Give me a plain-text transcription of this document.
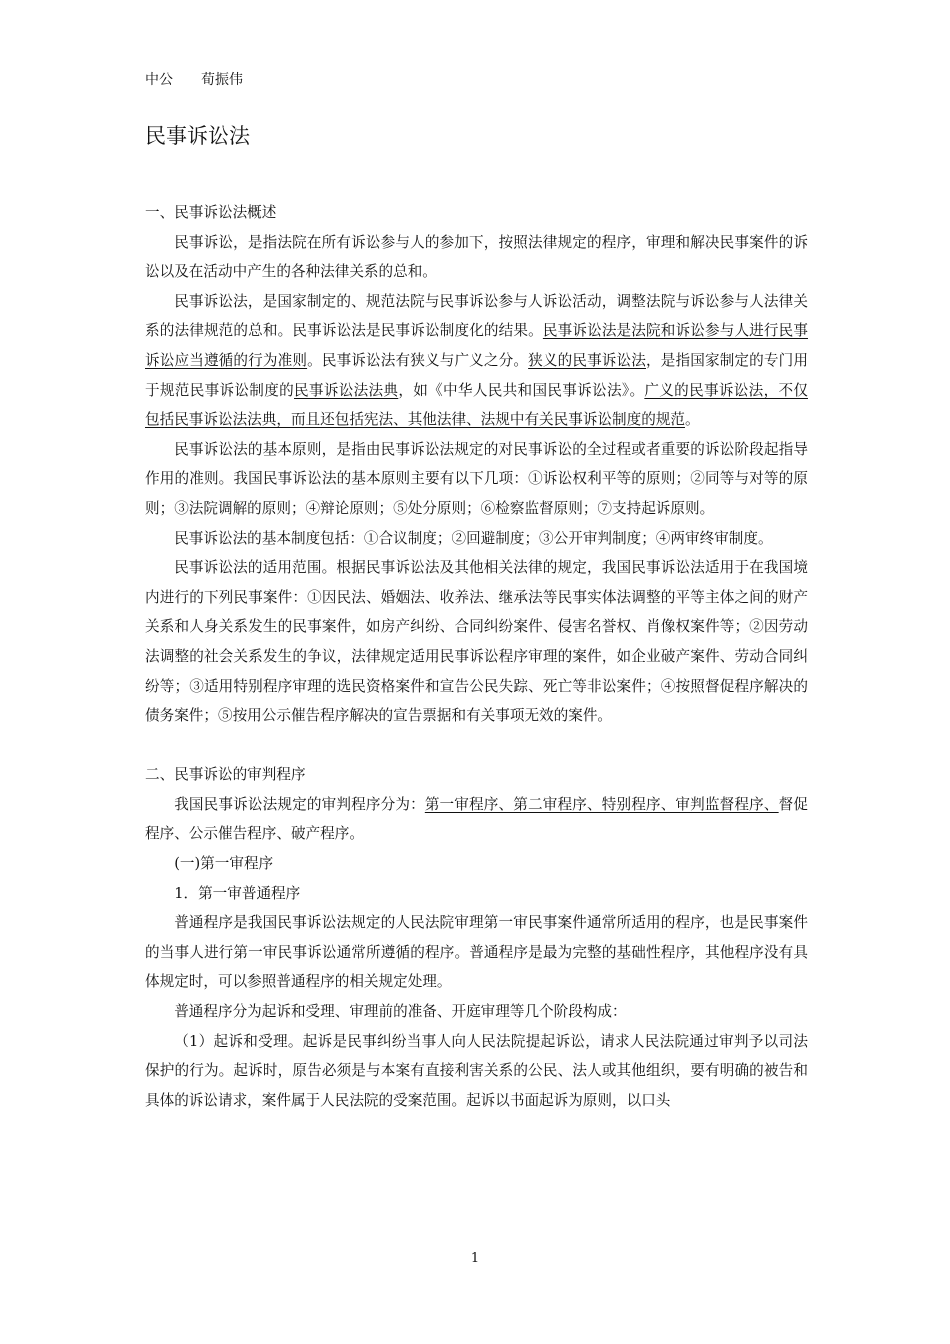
中公 荀振伟
民事诉讼法

一、民事诉讼法概述

民事诉讼，是指法院在所有诉讼参与人的参加下，按照法律规定的程序，审理和解决民事案件的诉讼以及在活动中产生的各种法律关系的总和。

民事诉讼法，是国家制定的、规范法院与民事诉讼参与人诉讼活动，调整法院与诉讼参与人法律关系的法律规范的总和。民事诉讼法是民事诉讼制度化的结果。民事诉讼法是法院和诉讼参与人进行民事诉讼应当遵循的行为准则。民事诉讼法有狭义与广义之分。狭义的民事诉讼法，是指国家制定的专门用于规范民事诉讼制度的民事诉讼法法典，如《中华人民共和国民事诉讼法》。广义的民事诉讼法，不仅包括民事诉讼法法典，而且还包括宪法、其他法律、法规中有关民事诉讼制度的规范。

民事诉讼法的基本原则，是指由民事诉讼法规定的对民事诉讼的全过程或者重要的诉讼阶段起指导作用的准则。我国民事诉讼法的基本原则主要有以下几项：①诉讼权利平等的原则；②同等与对等的原则；③法院调解的原则；④辩论原则；⑤处分原则；⑥检察监督原则；⑦支持起诉原则。

民事诉讼法的基本制度包括：①合议制度；②回避制度；③公开审判制度；④两审终审制度。

民事诉讼法的适用范围。根据民事诉讼法及其他相关法律的规定，我国民事诉讼法适用于在我国境内进行的下列民事案件：①因民法、婚姻法、收养法、继承法等民事实体法调整的平等主体之间的财产关系和人身关系发生的民事案件，如房产纠纷、合同纠纷案件、侵害名誉权、肖像权案件等；②因劳动法调整的社会关系发生的争议，法律规定适用民事诉讼程序审理的案件，如企业破产案件、劳动合同纠纷等；③适用特别程序审理的选民资格案件和宣告公民失踪、死亡等非讼案件；④按照督促程序解决的债务案件；⑤按用公示催告程序解决的宣告票据和有关事项无效的案件。

二、民事诉讼的审判程序

我国民事诉讼法规定的审判程序分为：第一审程序、第二审程序、特别程序、审判监督程序、督促程序、公示催告程序、破产程序。

(一)第一审程序

1．第一审普通程序

普通程序是我国民事诉讼法规定的人民法院审理第一审民事案件通常所适用的程序，也是民事案件的当事人进行第一审民事诉讼通常所遵循的程序。普通程序是最为完整的基础性程序，其他程序没有具体规定时，可以参照普通程序的相关规定处理。

普通程序分为起诉和受理、审理前的准备、开庭审理等几个阶段构成：

（1）起诉和受理。起诉是民事纠纷当事人向人民法院提起诉讼，请求人民法院通过审判予以司法保护的行为。起诉时，原告必须是与本案有直接利害关系的公民、法人或其他组织，要有明确的被告和具体的诉讼请求，案件属于人民法院的受案范围。起诉以书面起诉为原则，以口头

1
